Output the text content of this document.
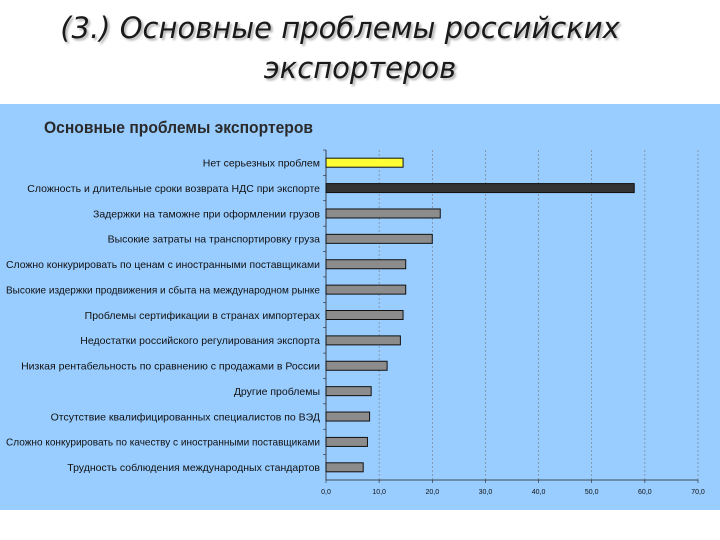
(3.) Основные проблемы российских
экспортеров
0,0	10,0	20,0	30,0	40,0	50,0	60,0	70,0
Нет серьезных проблем
Сложность и длительные сроки возврата НДС при экспорте
Задержки на таможне при оформлении грузов
Высокие затраты на транспортировку груза
Сложно конкурировать по ценам с иностранными поставщиками
Высокие издержки продвижения и сбыта на международном рынке
Проблемы сертификации в странах импортерах
Недостатки российского регулирования экспорта
Низкая рентабельность по сравнению с продажами в России
Другие проблемы
Отсутствие квалифицированных специалистов по ВЭД
Сложно конкурировать по качеству с иностранными поставщиками
Трудность соблюдения международных стандартов
Основные проблемы экспортеров
